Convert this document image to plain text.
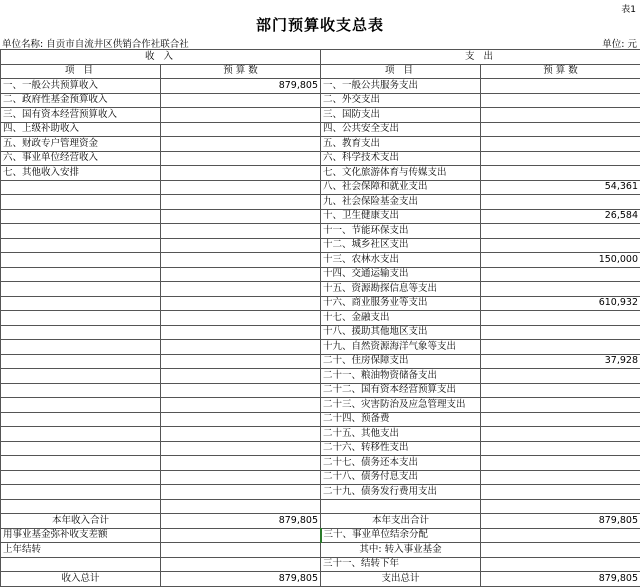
表1
部门预算收支总表
单位名称: 自贡市自流井区供销合作社联合社	单位: 元
收 入		支 出	
项 目	预 算 数	项 目	预 算 数
一、一般公共预算收入	879,805	一、一般公共服务支出	
二、政府性基金预算收入		二、外交支出	
三、国有资本经营预算收入		三、国防支出	
四、上级补助收入		四、公共安全支出	
五、财政专户管理资金		五、教育支出	
六、事业单位经营收入		六、科学技术支出	
七、其他收入安排		七、文化旅游体育与传媒支出	
		八、社会保障和就业支出	54,361
		九、社会保险基金支出	
		十、卫生健康支出	26,584
		十一、节能环保支出	
		十二、城乡社区支出	
		十三、农林水支出	150,000
		十四、交通运输支出	
		十五、资源勘探信息等支出	
		十六、商业服务业等支出	610,932
		十七、金融支出	
		十八、援助其他地区支出	
		十九、自然资源海洋气象等支出	
		二十、住房保障支出	37,928
		二十一、粮油物资储备支出	
		二十二、国有资本经营预算支出	
		二十三、灾害防治及应急管理支出	
		二十四、预备费	
		二十五、其他支出	
		二十六、转移性支出	
		二十七、债务还本支出	
		二十八、债务付息支出	
		二十九、债务发行费用支出	

本年收入合计	879,805	本年支出合计	879,805
用事业基金弥补收支差额		三十、事业单位结余分配	
上年结转		其中: 转入事业基金	
		三十一、结转下年	
收入总计	879,805	支出总计	879,805
